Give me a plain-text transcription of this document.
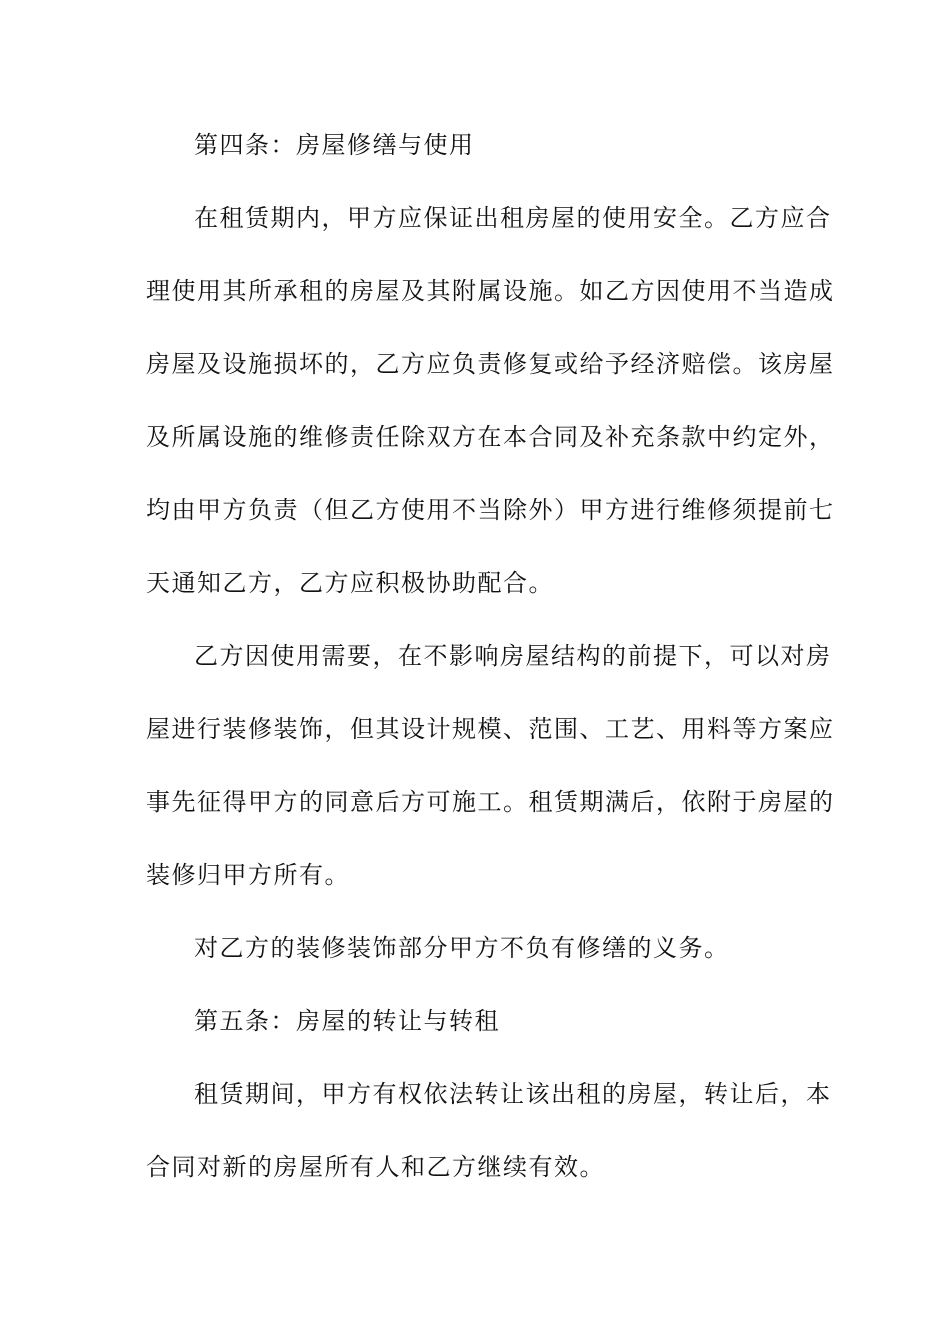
第四条：房屋修缮与使用
在租赁期内，甲方应保证出租房屋的使用安全。乙方应合
理使用其所承租的房屋及其附属设施。如乙方因使用不当造成
房屋及设施损坏的，乙方应负责修复或给予经济赔偿。该房屋
及所属设施的维修责任除双方在本合同及补充条款中约定外，
均由甲方负责（但乙方使用不当除外）甲方进行维修须提前七
天通知乙方，乙方应积极协助配合。
乙方因使用需要，在不影响房屋结构的前提下，可以对房
屋进行装修装饰，但其设计规模、范围、工艺、用料等方案应
事先征得甲方的同意后方可施工。租赁期满后，依附于房屋的
装修归甲方所有。
对乙方的装修装饰部分甲方不负有修缮的义务。
第五条：房屋的转让与转租
租赁期间，甲方有权依法转让该出租的房屋，转让后，本
合同对新的房屋所有人和乙方继续有效。
